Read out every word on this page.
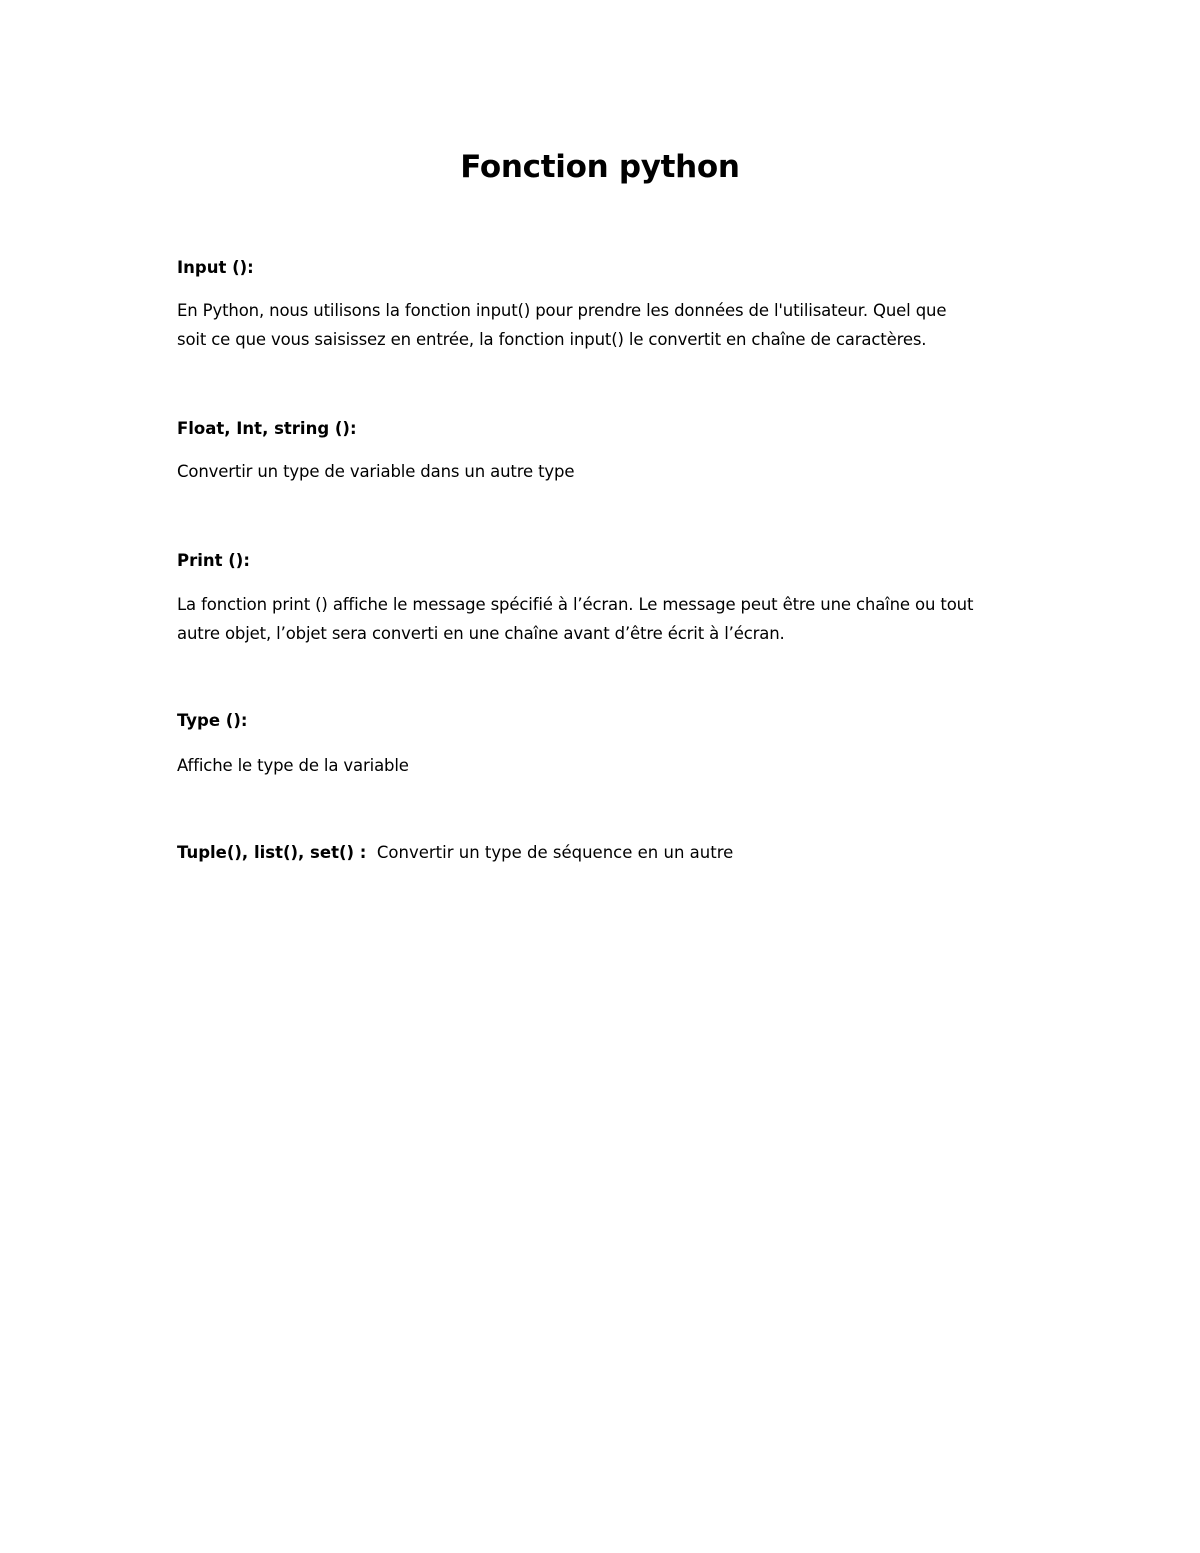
Fonction python
Input ():
En Python, nous utilisons la fonction input() pour prendre les données de l'utilisateur. Quel que
soit ce que vous saisissez en entrée, la fonction input() le convertit en chaîne de caractères.
Float, Int, string ():
Convertir un type de variable dans un autre type
Print ():
La fonction print () affiche le message spécifié à l’écran. Le message peut être une chaîne ou tout
autre objet, l’objet sera converti en une chaîne avant d’être écrit à l’écran.
Type ():
Affiche le type de la variable
Tuple(), list(), set() : Convertir un type de séquence en un autre
